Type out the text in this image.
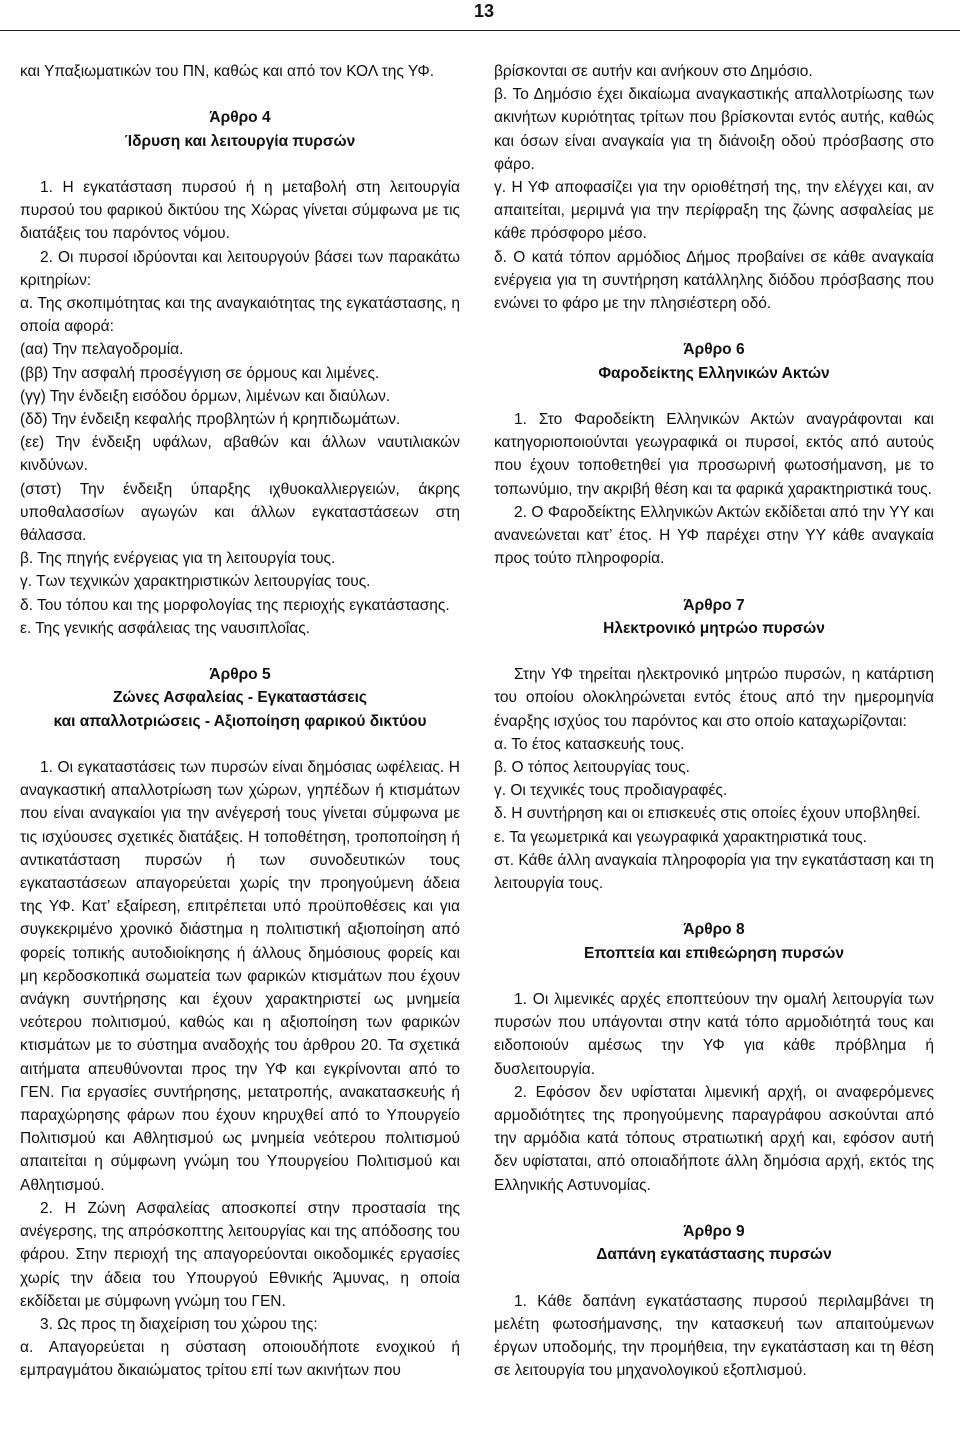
13

και Υπαξιωματικών του ΠΝ, καθώς και από τον ΚΟΛ της ΥΦ.

Άρθρο 4
Ίδρυση και λειτουργία πυρσών

1. Η εγκατάσταση πυρσού ή η μεταβολή στη λειτουργία πυρσού του φαρικού δικτύου της Χώρας γίνεται σύμφωνα με τις διατάξεις του παρόντος νόμου.

2. Οι πυρσοί ιδρύονται και λειτουργούν βάσει των παρακάτω κριτηρίων:

α. Της σκοπιμότητας και της αναγκαιότητας της εγκατάστασης, η οποία αφορά:

(αα) Την πελαγοδρομία.

(ββ) Την ασφαλή προσέγγιση σε όρμους και λιμένες.

(γγ) Την ένδειξη εισόδου όρμων, λιμένων και διαύλων.

(δδ) Την ένδειξη κεφαλής προβλητών ή κρηπιδωμάτων.

(εε) Την ένδειξη υφάλων, αβαθών και άλλων ναυτιλιακών κινδύνων.

(στστ) Την ένδειξη ύπαρξης ιχθυοκαλλιεργειών, άκρης υποθαλασσίων αγωγών και άλλων εγκαταστάσεων στη θάλασσα.

β. Της πηγής ενέργειας για τη λειτουργία τους.

γ. Των τεχνικών χαρακτηριστικών λειτουργίας τους.

δ. Του τόπου και της μορφολογίας της περιοχής εγκατάστασης.

ε. Της γενικής ασφάλειας της ναυσιπλοΐας.

Άρθρο 5
Ζώνες Ασφαλείας - Εγκαταστάσεις
και απαλλοτριώσεις - Αξιοποίηση φαρικού δικτύου

1. Οι εγκαταστάσεις των πυρσών είναι δημόσιας ωφέλειας. Η αναγκαστική απαλλοτρίωση των χώρων, γηπέδων ή κτισμάτων που είναι αναγκαίοι για την ανέγερσή τους γίνεται σύμφωνα με τις ισχύουσες σχετικές διατάξεις. Η τοποθέτηση, τροποποίηση ή αντικατάσταση πυρσών ή των συνοδευτικών τους εγκαταστάσεων απαγορεύεται χωρίς την προηγούμενη άδεια της ΥΦ. Κατ’ εξαίρεση, επιτρέπεται υπό προϋποθέσεις και για συγκεκριμένο χρονικό διάστημα η πολιτιστική αξιοποίηση από φορείς τοπικής αυτοδιοίκησης ή άλλους δημόσιους φορείς και μη κερδοσκοπικά σωματεία των φαρικών κτισμάτων που έχουν ανάγκη συντήρησης και έχουν χαρακτηριστεί ως μνημεία νεότερου πολιτισμού, καθώς και η αξιοποίηση των φαρικών κτισμάτων με το σύστημα αναδοχής του άρθρου 20. Τα σχετικά αιτήματα απευθύνονται προς την ΥΦ και εγκρίνονται από το ΓΕΝ. Για εργασίες συντήρησης, μετατροπής, ανακατασκευής ή παραχώρησης φάρων που έχουν κηρυχθεί από το Υπουργείο Πολιτισμού και Αθλητισμού ως μνημεία νεότερου πολιτισμού απαιτείται η σύμφωνη γνώμη του Υπουργείου Πολιτισμού και Αθλητισμού.

2. Η Ζώνη Ασφαλείας αποσκοπεί στην προστασία της ανέγερσης, της απρόσκοπτης λειτουργίας και της απόδοσης του φάρου. Στην περιοχή της απαγορεύονται οικοδομικές εργασίες χωρίς την άδεια του Υπουργού Εθνικής Άμυνας, η οποία εκδίδεται με σύμφωνη γνώμη του ΓΕΝ.

3. Ως προς τη διαχείριση του χώρου της:

α. Απαγορεύεται η σύσταση οποιουδήποτε ενοχικού ή εμπραγμάτου δικαιώματος τρίτου επί των ακινήτων που

βρίσκονται σε αυτήν και ανήκουν στο Δημόσιο.

β. Το Δημόσιο έχει δικαίωμα αναγκαστικής απαλλοτρίωσης των ακινήτων κυριότητας τρίτων που βρίσκονται εντός αυτής, καθώς και όσων είναι αναγκαία για τη διάνοιξη οδού πρόσβασης στο φάρο.

γ. Η ΥΦ αποφασίζει για την οριοθέτησή της, την ελέγχει και, αν απαιτείται, μεριμνά για την περίφραξη της ζώνης ασφαλείας με κάθε πρόσφορο μέσο.

δ. Ο κατά τόπον αρμόδιος Δήμος προβαίνει σε κάθε αναγκαία ενέργεια για τη συντήρηση κατάλληλης διόδου πρόσβασης που ενώνει το φάρο με την πλησιέστερη οδό.

Άρθρο 6
Φαροδείκτης Ελληνικών Ακτών

1. Στο Φαροδείκτη Ελληνικών Ακτών αναγράφονται και κατηγοριοποιούνται γεωγραφικά οι πυρσοί, εκτός από αυτούς που έχουν τοποθετηθεί για προσωρινή φωτοσήμανση, με το τοπωνύμιο, την ακριβή θέση και τα φαρικά χαρακτηριστικά τους.

2. Ο Φαροδείκτης Ελληνικών Ακτών εκδίδεται από την ΥΥ και ανανεώνεται κατ’ έτος. Η ΥΦ παρέχει στην ΥΥ κάθε αναγκαία προς τούτο πληροφορία.

Άρθρο 7
Ηλεκτρονικό μητρώο πυρσών

Στην ΥΦ τηρείται ηλεκτρονικό μητρώο πυρσών, η κατάρτιση του οποίου ολοκληρώνεται εντός έτους από την ημερομηνία έναρξης ισχύος του παρόντος και στο οποίο καταχωρίζονται:

α. Το έτος κατασκευής τους.

β. Ο τόπος λειτουργίας τους.

γ. Οι τεχνικές τους προδιαγραφές.

δ. Η συντήρηση και οι επισκευές στις οποίες έχουν υποβληθεί.

ε. Τα γεωμετρικά και γεωγραφικά χαρακτηριστικά τους.

στ. Κάθε άλλη αναγκαία πληροφορία για την εγκατάσταση και τη λειτουργία τους.

Άρθρο 8
Εποπτεία και επιθεώρηση πυρσών

1. Οι λιμενικές αρχές εποπτεύουν την ομαλή λειτουργία των πυρσών που υπάγονται στην κατά τόπο αρμοδιότητά τους και ειδοποιούν αμέσως την ΥΦ για κάθε πρόβλημα ή δυσλειτουργία.

2. Εφόσον δεν υφίσταται λιμενική αρχή, οι αναφερόμενες αρμοδιότητες της προηγούμενης παραγράφου ασκούνται από την αρμόδια κατά τόπους στρατιωτική αρχή και, εφόσον αυτή δεν υφίσταται, από οποιαδήποτε άλλη δημόσια αρχή, εκτός της Ελληνικής Αστυνομίας.

Άρθρο 9
Δαπάνη εγκατάστασης πυρσών

1. Κάθε δαπάνη εγκατάστασης πυρσού περιλαμβάνει τη μελέτη φωτοσήμανσης, την κατασκευή των απαιτούμενων έργων υποδομής, την προμήθεια, την εγκατάσταση και τη θέση σε λειτουργία του μηχανολογικού εξοπλισμού.
